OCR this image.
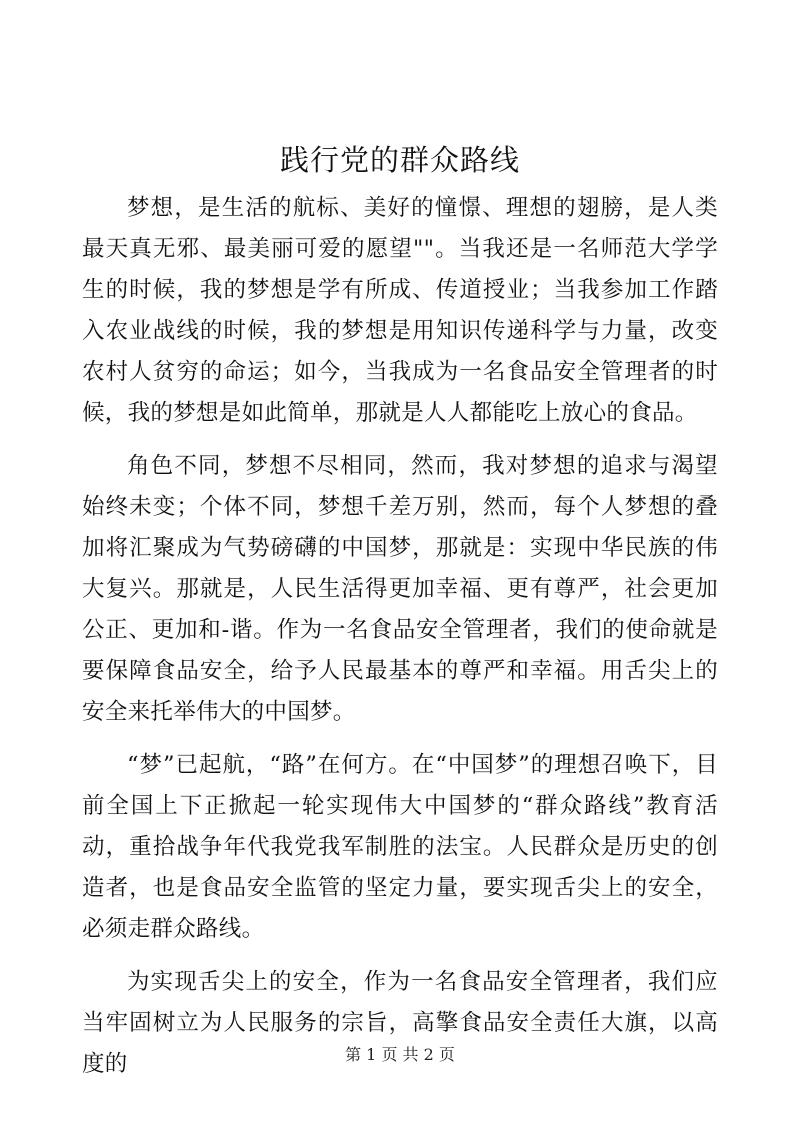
践行党的群众路线

梦想，是生活的航标、美好的憧憬、理想的翅膀，是人类最天真无邪、最美丽可爱的愿望""。当我还是一名师范大学学生的时候，我的梦想是学有所成、传道授业；当我参加工作踏入农业战线的时候，我的梦想是用知识传递科学与力量，改变农村人贫穷的命运；如今，当我成为一名食品安全管理者的时候，我的梦想是如此简单，那就是人人都能吃上放心的食品。

角色不同，梦想不尽相同，然而，我对梦想的追求与渴望始终未变；个体不同，梦想千差万别，然而，每个人梦想的叠加将汇聚成为气势磅礴的中国梦，那就是：实现中华民族的伟大复兴。那就是，人民生活得更加幸福、更有尊严，社会更加公正、更加和-谐。作为一名食品安全管理者，我们的使命就是要保障食品安全，给予人民最基本的尊严和幸福。用舌尖上的安全来托举伟大的中国梦。

“梦”已起航，“路”在何方。在“中国梦”的理想召唤下，目前全国上下正掀起一轮实现伟大中国梦的“群众路线”教育活动，重拾战争年代我党我军制胜的法宝。人民群众是历史的创造者，也是食品安全监管的坚定力量，要实现舌尖上的安全，必须走群众路线。

为实现舌尖上的安全，作为一名食品安全管理者，我们应当牢固树立为人民服务的宗旨，高擎食品安全责任大旗，以高度的	第 1 页 共 2 页
